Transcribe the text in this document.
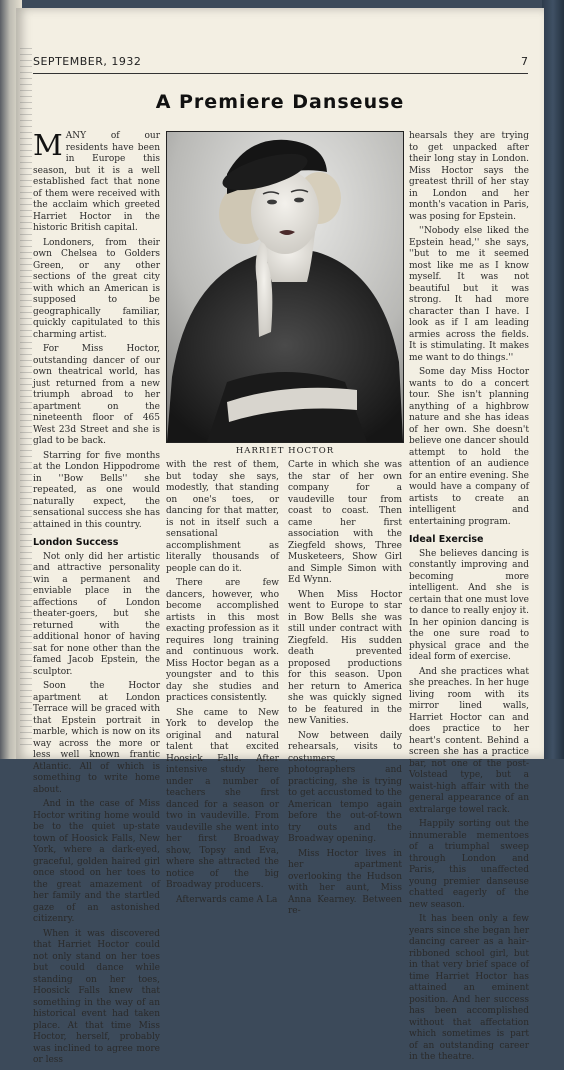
SEPTEMBER, 1932	7
A Premiere Danseuse

MANY of our residents have been in Europe this season, but it is a well established fact that none of them were received with the acclaim which greeted Harriet Hoctor in the historic British capital.

Londoners, from their own Chelsea to Golders Green, or any other sections of the great city with which an American is supposed to be geographically familiar, quickly capitulated to this charming artist.

For Miss Hoctor, outstanding dancer of our own theatrical world, has just returned from a new triumph abroad to her apartment on the nineteenth floor of 465 West 23d Street and she is glad to be back.

Starring for five months at the London Hippodrome in ''Bow Bells'' she repeated, as one would naturally expect, the sensational success she has attained in this country.

London Success

Not only did her artistic and attractive personality win a permanent and enviable place in the affections of London theater-goers, but she returned with the additional honor of having sat for none other than the famed Jacob Epstein, the sculptor.

Soon the Hoctor apartment at London Terrace will be graced with that Epstein portrait in marble, which is now on its way across the more or less well known frantic Atlantic. All of which is something to write home about.

And in the case of Miss Hoctor writing home would be to the quiet up-state town of Hoosick Falls, New York, where a dark-eyed, graceful, golden haired girl once stood on her toes to the great amazement of her family and the startled gaze of an astonished citizenry.

When it was discovered that Harriet Hoctor could not only stand on her toes but could dance while standing on her toes, Hoosick Falls knew that something in the way of an historical event had taken place. At that time Miss Hoctor, herself, probably was inclined to agree more or less

HARRIET HOCTOR

with the rest of them, but today she says, modestly, that standing on one's toes, or dancing for that matter, is not in itself such a sensational accomplishment as literally thousands of people can do it.

There are few dancers, however, who become accomplished artists in this most exacting profession as it requires long training and continuous work. Miss Hoctor began as a youngster and to this day she studies and practices consistently.

She came to New York to develop the original and natural talent that excited Hoosick Falls. After intensive study here under a number of teachers she first danced for a season or two in vaudeville. From vaudeville she went into her first Broadway show, Topsy and Eva, where she attracted the notice of the big Broadway producers.

Afterwards came A La

Carte in which she was the star of her own company for a vaudeville tour from coast to coast. Then came her first association with the Ziegfeld shows, Three Musketeers, Show Girl and Simple Simon with Ed Wynn.

When Miss Hoctor went to Europe to star in Bow Bells she was still under contract with Ziegfeld. His sudden death prevented proposed productions for this season. Upon her return to America she was quickly signed to be featured in the new Vanities.

Now between daily rehearsals, visits to costumers, photographers and practicing, she is trying to get accustomed to the American tempo again before the out-of-town try outs and the Broadway opening.

Miss Hoctor lives in her apartment overlooking the Hudson with her aunt, Miss Anna Kearney. Between re-

hearsals they are trying to get unpacked after their long stay in London. Miss Hoctor says the greatest thrill of her stay in London and her month's vacation in Paris, was posing for Epstein.

''Nobody else liked the Epstein head,'' she says, ''but to me it seemed most like me as I know myself. It was not beautiful but it was strong. It had more character than I have. I look as if I am leading armies across the fields. It is stimulating. It makes me want to do things.''

Some day Miss Hoctor wants to do a concert tour. She isn't planning anything of a highbrow nature and she has ideas of her own. She doesn't believe one dancer should attempt to hold the attention of an audience for an entire evening. She would have a company of artists to create an intelligent and entertaining program.

Ideal Exercise

She believes dancing is constantly improving and becoming more intelligent. And she is certain that one must love to dance to really enjoy it. In her opinion dancing is the one sure road to physical grace and the ideal form of exercise.

And she practices what she preaches. In her huge living room with its mirror lined walls, Harriet Hoctor can and does practice to her heart's content. Behind a screen she has a practice bar, not one of the post-Volstead type, but a waist-high affair with the general appearance of an extralarge towel rack.

Happily sorting out the innumerable mementoes of a triumphal sweep through London and Paris, this unaffected young premier danseuse chatted eagerly of the new season.

It has been only a few years since she began her dancing career as a hair-ribboned school girl, but in that very brief space of time Harriet Hoctor has attained an eminent position. And her success has been accomplished without that affectation which sometimes is part of an outstanding career in the theatre.
